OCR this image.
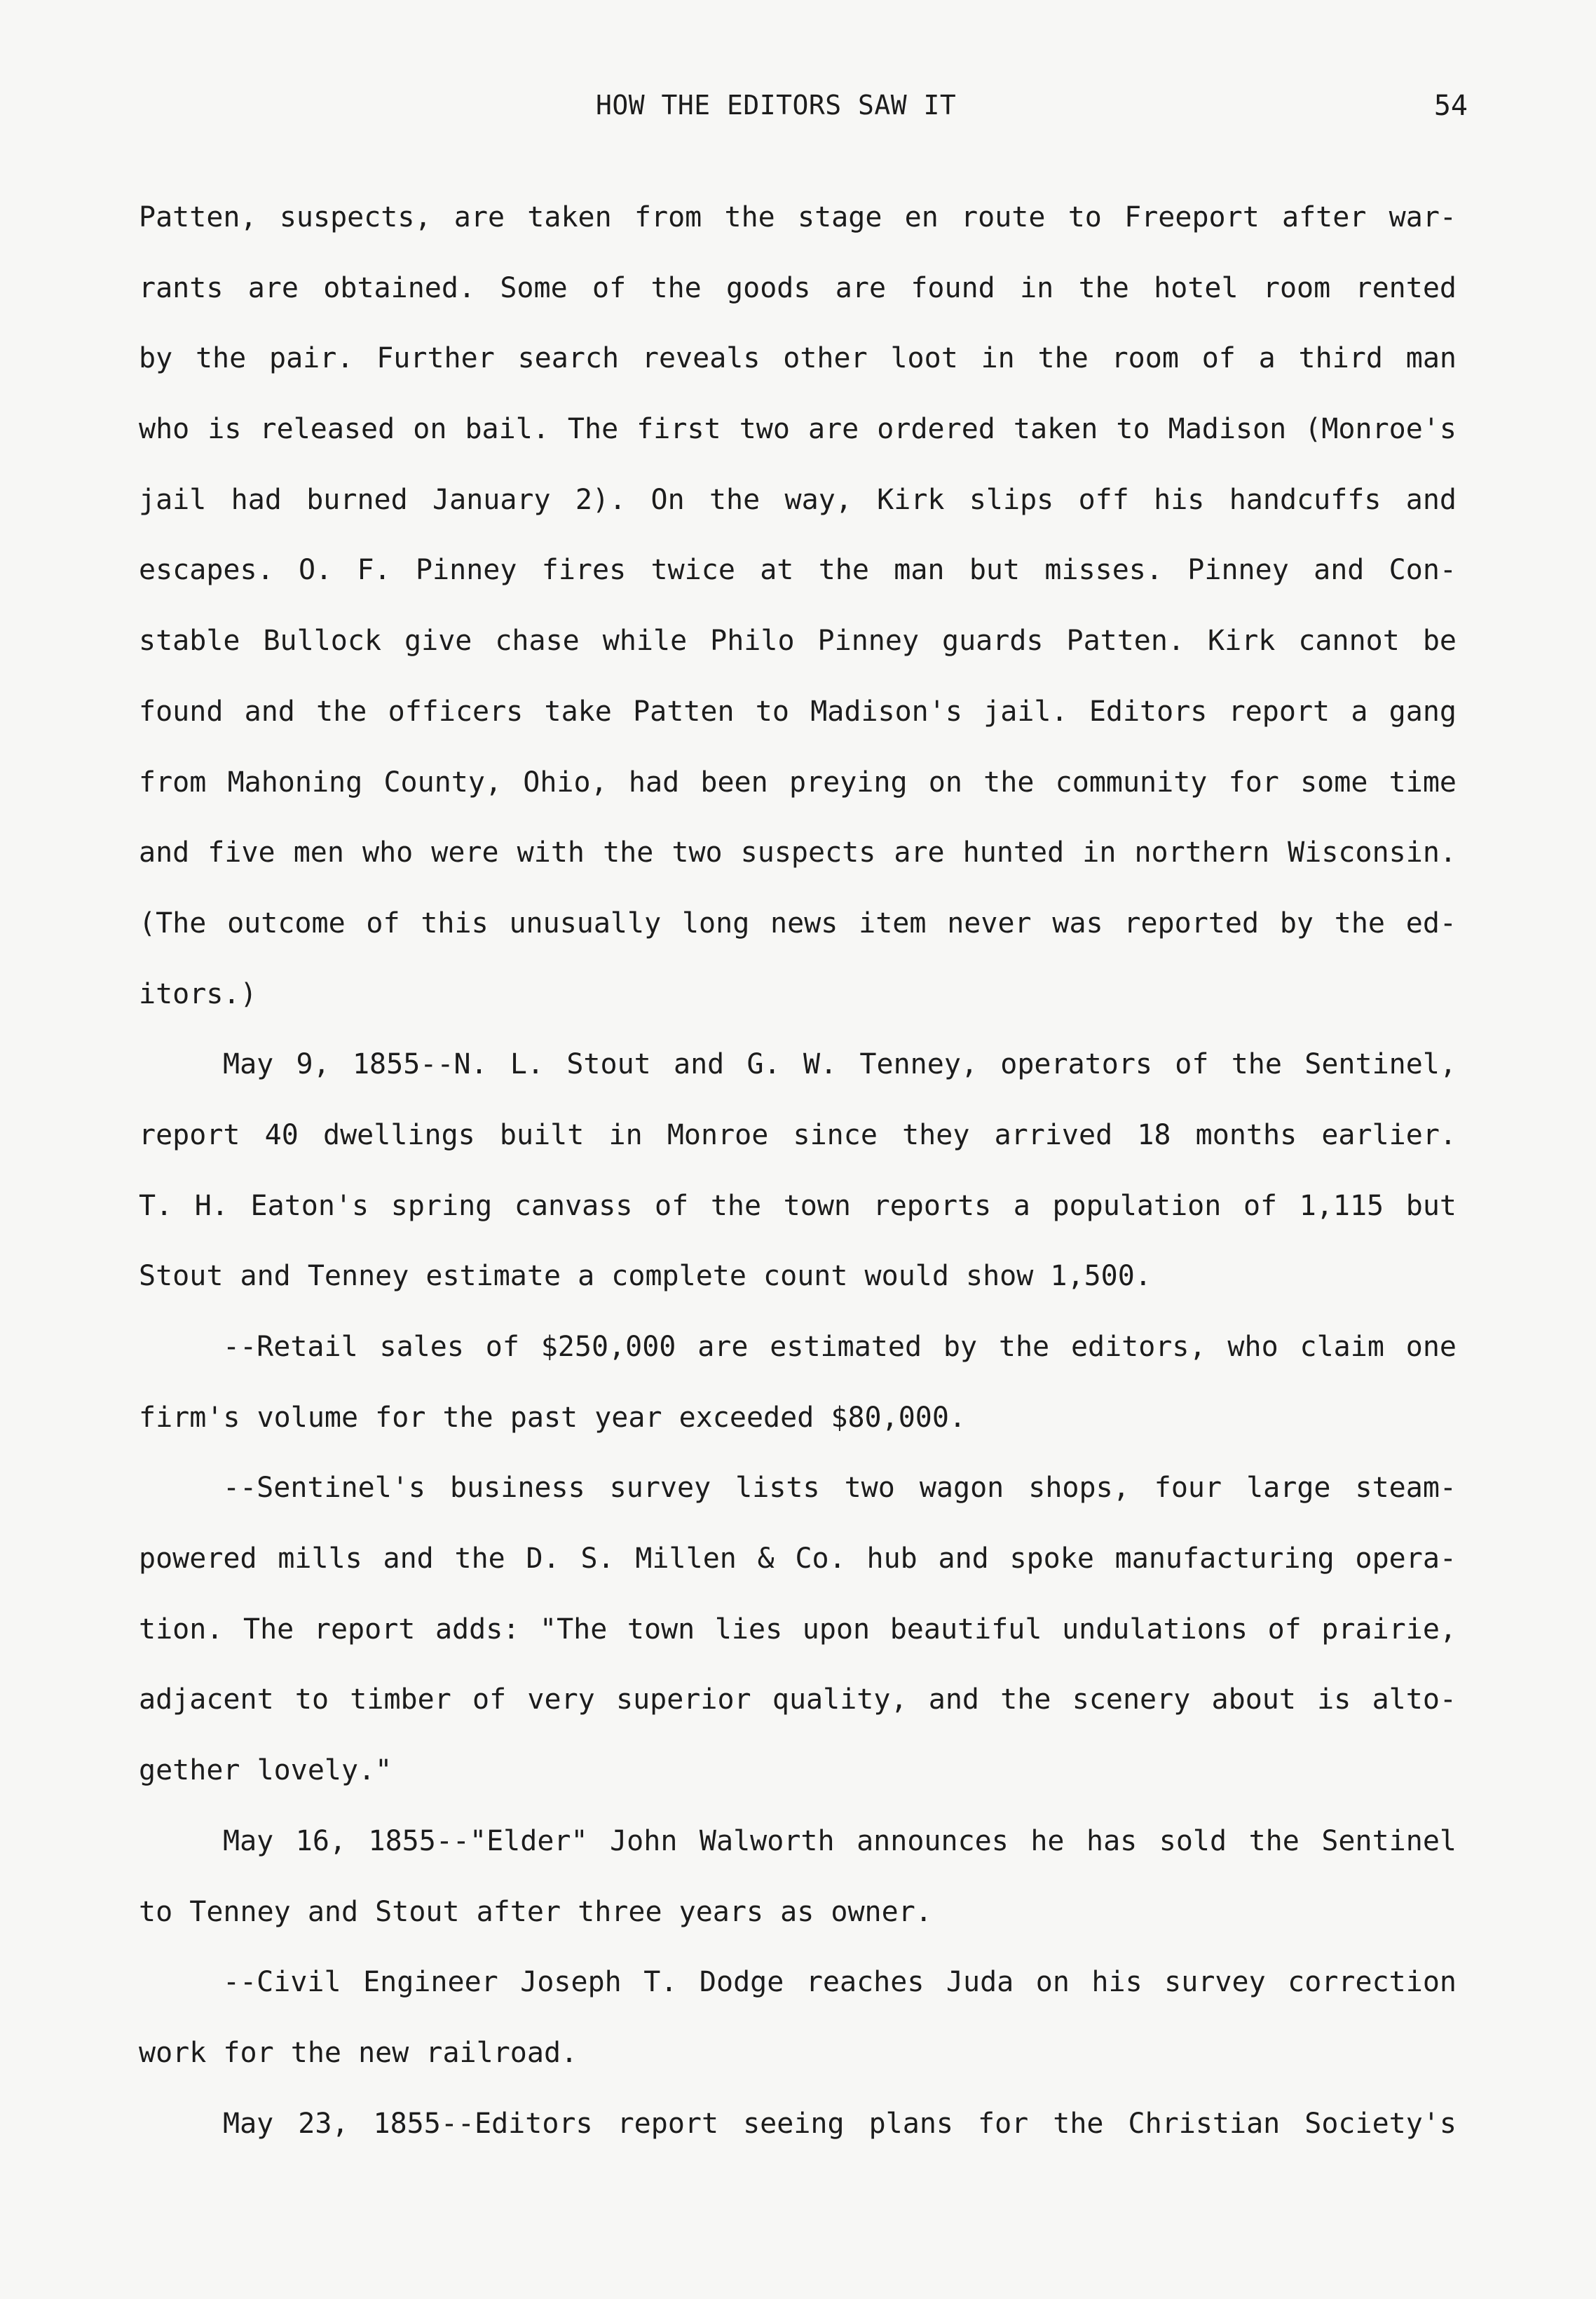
HOW THE EDITORS SAW IT	54
Patten, suspects, are taken from the stage en route to Freeport after war-
rants are obtained. Some of the goods are found in the hotel room rented
by the pair. Further search reveals other loot in the room of a third man
who is released on bail. The first two are ordered taken to Madison (Monroe's
jail had burned January 2). On the way, Kirk slips off his handcuffs and
escapes. O. F. Pinney fires twice at the man but misses. Pinney and Con-
stable Bullock give chase while Philo Pinney guards Patten. Kirk cannot be
found and the officers take Patten to Madison's jail. Editors report a gang
from Mahoning County, Ohio, had been preying on the community for some time
and five men who were with the two suspects are hunted in northern Wisconsin.
(The outcome of this unusually long news item never was reported by the ed-
itors.)
May 9, 1855--N. L. Stout and G. W. Tenney, operators of the Sentinel,
report 40 dwellings built in Monroe since they arrived 18 months earlier.
T. H. Eaton's spring canvass of the town reports a population of 1,115 but
Stout and Tenney estimate a complete count would show 1,500.
--Retail sales of $250,000 are estimated by the editors, who claim one
firm's volume for the past year exceeded $80,000.
--Sentinel's business survey lists two wagon shops, four large steam-
powered mills and the D. S. Millen & Co. hub and spoke manufacturing opera-
tion. The report adds: "The town lies upon beautiful undulations of prairie,
adjacent to timber of very superior quality, and the scenery about is alto-
gether lovely."
May 16, 1855--"Elder" John Walworth announces he has sold the Sentinel
to Tenney and Stout after three years as owner.
--Civil Engineer Joseph T. Dodge reaches Juda on his survey correction
work for the new railroad.
May 23, 1855--Editors report seeing plans for the Christian Society's
